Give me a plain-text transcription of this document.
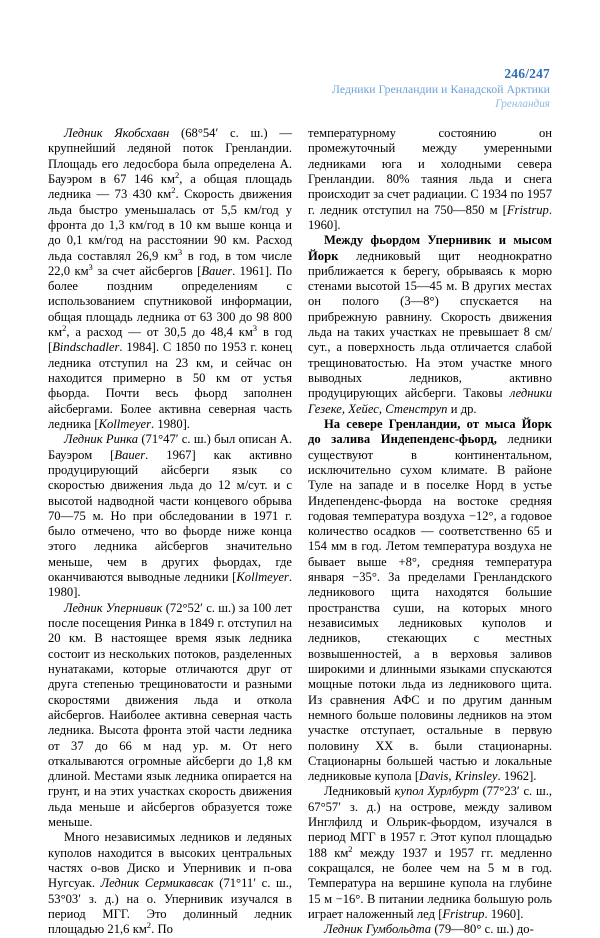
246/247
Ледники Гренландии и Канадской Арктики
Гренландия

Ледник Якобсхавн (68°54′ с. ш.) — крупнейший ледяной поток Гренландии. Площадь его ледосбора была определена А. Бауэром в 67 146 $км^2$, а общая площадь ледника — 73 430 $км^2$. Скорость движения льда быстро уменьшалась от 5,5 км/год у фронта до 1,3 км/год в 10 км выше конца и до 0,1 км/год на расстоянии 90 км. Расход льда составлял 26,9 $км^3$ в год, в том числе 22,0 $км^3$ за счет айсбергов [Bauer. 1961]. По более поздним определениям с использованием спутниковой информации, общая площадь ледника от 63 300 до 98 800 $км^2$, а расход — от 30,5 до 48,4 $км^3$ в год [Bindschadler. 1984]. С 1850 по 1953 г. конец ледника отступил на 23 км, и сейчас он находится примерно в 50 км от устья фьорда. Почти весь фьорд заполнен айсбергами. Более активна северная часть ледника [Kollmeyer. 1980].

Ледник Ринка (71°47′ с. ш.) был описан А. Бауэром [Bauer. 1967] как активно продуцирующий айсберги язык со скоростью движения льда до 12 м/сут. и с высотой надводной части концевого обрыва 70—75 м. Но при обследовании в 1971 г. было отмечено, что во фьорде ниже конца этого ледника айсбергов значительно меньше, чем в других фьордах, где оканчиваются выводные ледники [Kollmeyer. 1980].

Ледник Упернивик (72°52′ с. ш.) за 100 лет после посещения Ринка в 1849 г. отступил на 20 км. В настоящее время язык ледника состоит из нескольких потоков, разделенных нунатаками, которые отличаются друг от друга степенью трещиноватости и разными скоростями движения льда и откола айсбергов. Наиболее активна северная часть ледника. Высота фронта этой части ледника от 37 до 66 м над ур. м. От него откалываются огромные айсберги до 1,8 км длиной. Местами язык ледника опирается на грунт, и на этих участках скорость движения льда меньше и айсбергов образуется тоже меньше.

Много независимых ледников и ледяных куполов находится в высоких центральных частях о-вов Диско и Упернивик и п-ова Нугсуак. Ледник Сермикавсак (71°11′ с. ш., 53°03′ з. д.) на о. Упернивик изучался в период МГГ. Это долинный ледник площадью 21,6 $км^2$. По

температурному состоянию он промежуточный между умеренными ледниками юга и холодными севера Гренландии. 80% таяния льда и снега происходит за счет радиации. С 1934 по 1957 г. ледник отступил на 750—850 м [Fristrup. 1960].

Между фьордом Упернивик и мысом Йорк ледниковый щит неоднократно приближается к берегу, обрываясь к морю стенами высотой 15—45 м. В других местах он полого (3—8°) спускается на прибрежную равнину. Скорость движения льда на таких участках не превышает 8 см/сут., а поверхность льда отличается слабой трещиноватостью. На этом участке много выводных ледников, активно продуцирующих айсберги. Таковы ледники Гезеке, Хейес, Стенструп и др.

На севере Гренландии, от мыса Йорк до залива Индепенденс-фьорд, ледники существуют в континентальном, исключительно сухом климате. В районе Туле на западе и в поселке Норд в устье Индепенденс-фьорда на востоке средняя годовая температура воздуха −12°, а годовое количество осадков — соответственно 65 и 154 мм в год. Летом температура воздуха не бывает выше +8°, средняя температура января −35°. За пределами Гренландского ледникового щита находятся большие пространства суши, на которых много независимых ледниковых куполов и ледников, стекающих с местных возвышенностей, а в верховья заливов широкими и длинными языками спускаются мощные потоки льда из ледникового щита. Из сравнения АФС и по другим данным немного больше половины ледников на этом участке отступает, остальные в первую половину XX в. были стационарны. Стационарны большей частью и локальные ледниковые купола [Davis, Krinsley. 1962].

Ледниковый купол Хурлбурт (77°23′ с. ш., 67°57′ з. д.) на острове, между заливом Инглфилд и Ольрик-фьордом, изучался в период МГГ в 1957 г. Этот купол площадью 188 $км^2$ между 1937 и 1957 гг. медленно сокращался, не более чем на 5 м в год. Температура на вершине купола на глубине 15 м −16°. В питании ледника большую роль играет наложенный лед [Fristrup. 1960].

Ледник Гумбольдта (79—80° с. ш.) до-
